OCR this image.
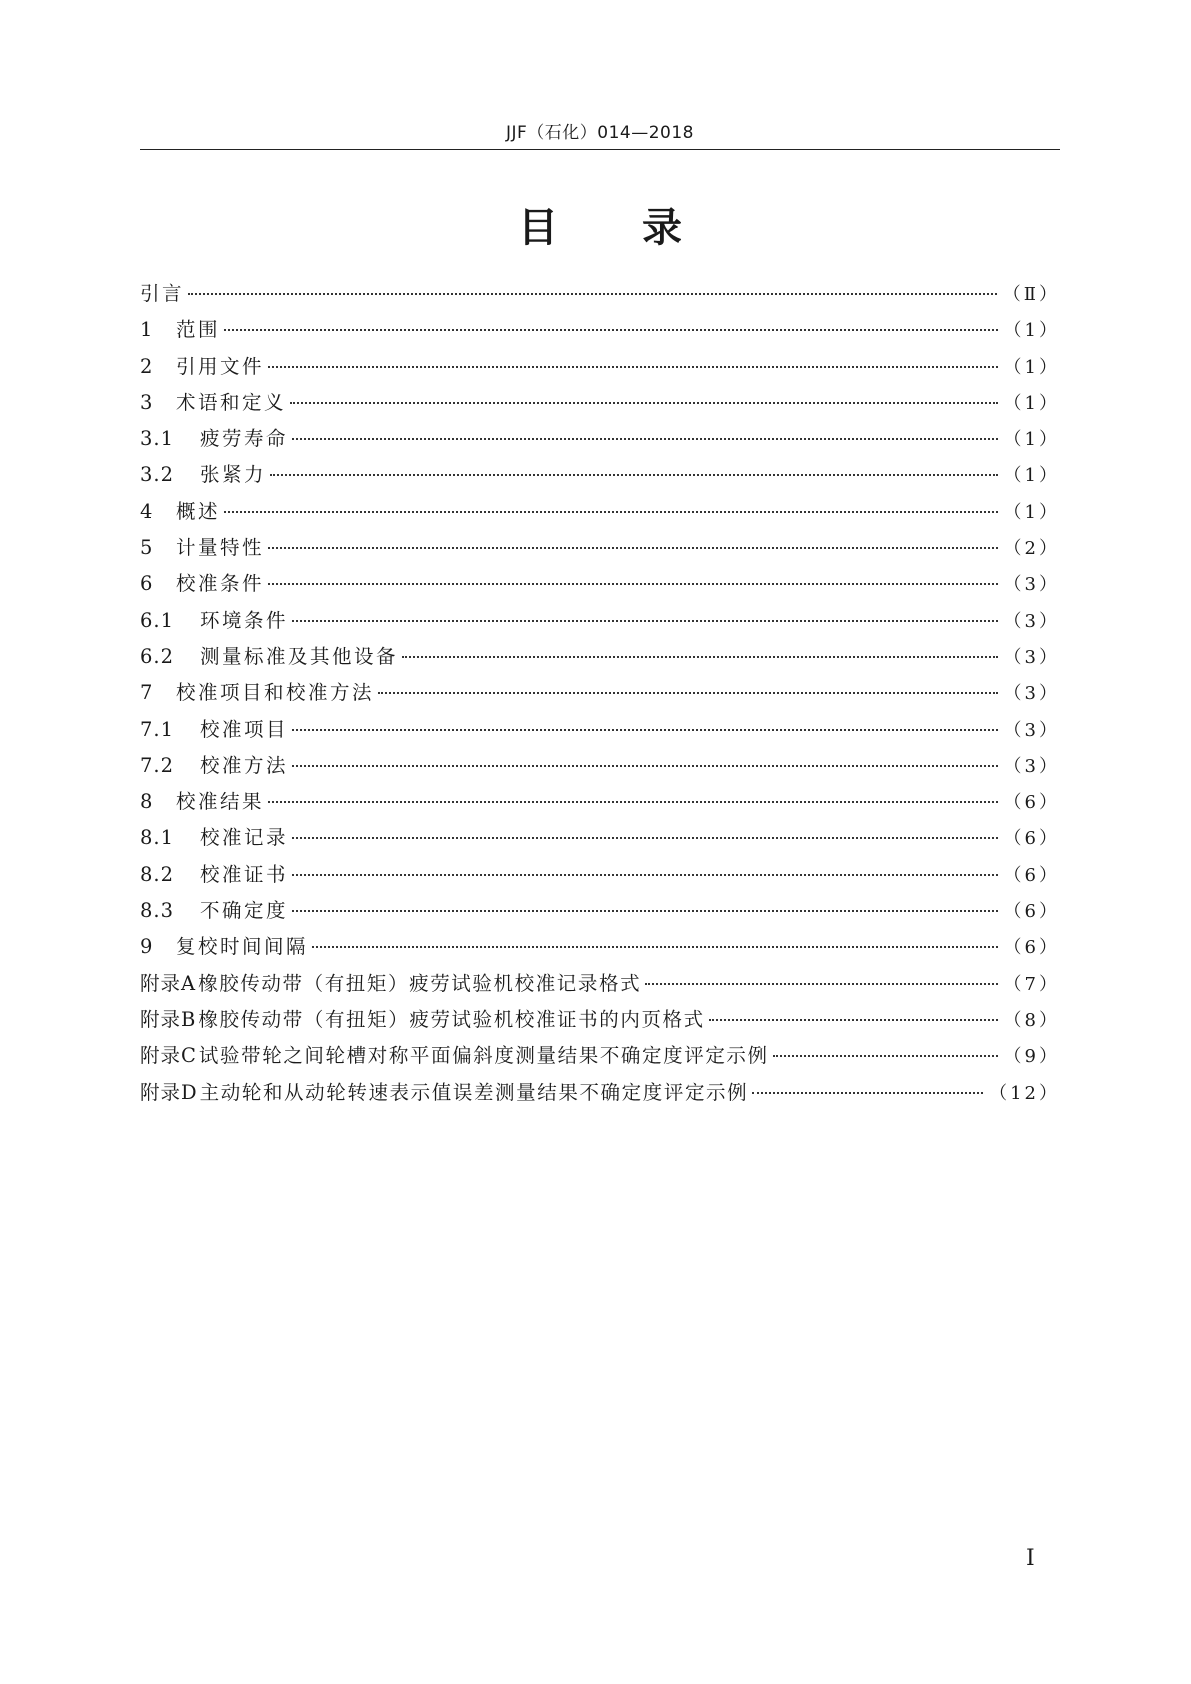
JJF（石化）014—2018
目 录
引言	（Ⅱ）
1	范围	（1）
2	引用文件	（1）
3	术语和定义	（1）
3.1	疲劳寿命	（1）
3.2	张紧力	（1）
4	概述	（1）
5	计量特性	（2）
6	校准条件	（3）
6.1	环境条件	（3）
6.2	测量标准及其他设备	（3）
7	校准项目和校准方法	（3）
7.1	校准项目	（3）
7.2	校准方法	（3）
8	校准结果	（6）
8.1	校准记录	（6）
8.2	校准证书	（6）
8.3	不确定度	（6）
9	复校时间间隔	（6）
附录A 橡胶传动带（有扭矩）疲劳试验机校准记录格式	（7）
附录B 橡胶传动带（有扭矩）疲劳试验机校准证书的内页格式	（8）
附录C 试验带轮之间轮槽对称平面偏斜度测量结果不确定度评定示例	（9）
附录D 主动轮和从动轮转速表示值误差测量结果不确定度评定示例	（12）
Ⅰ
